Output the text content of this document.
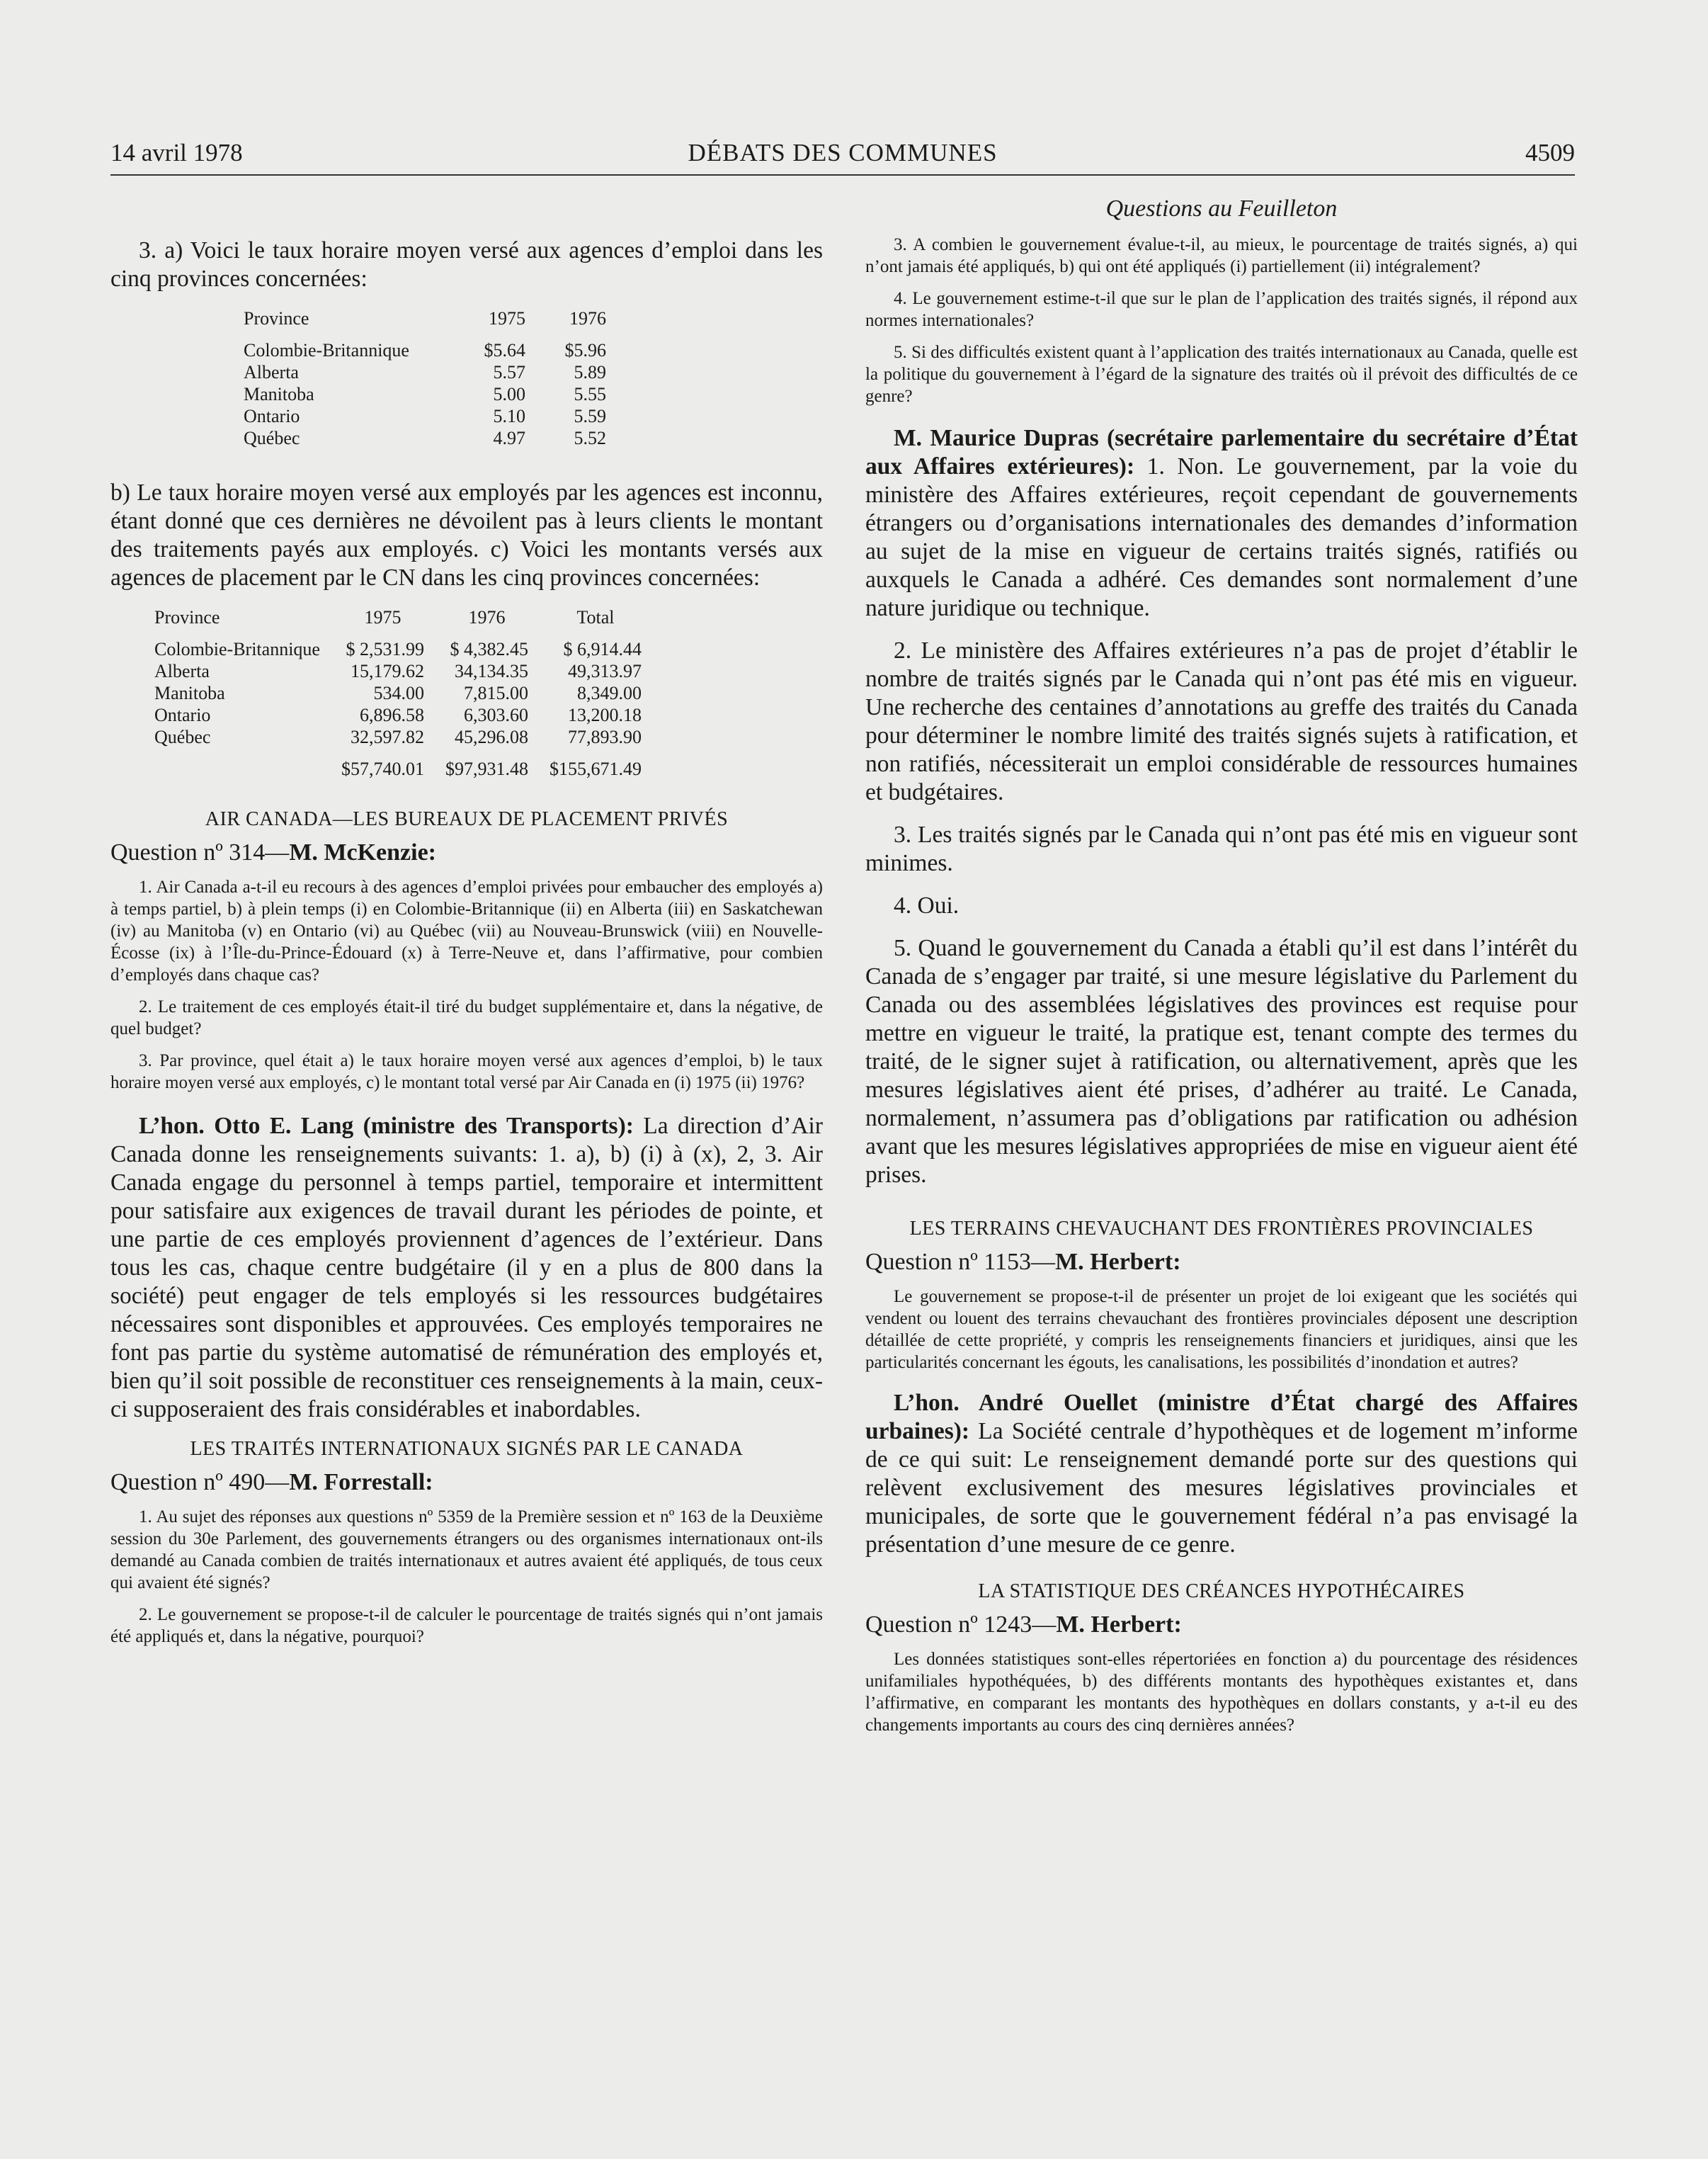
DÉBATS DES COMMUNES
14 avril 1978	4509

3. a) Voici le taux horaire moyen versé aux agences d’emploi dans les cinq provinces concernées:

Province	1975	1976
Colombie-Britannique	$5.64	$5.96
Alberta	5.57	5.89
Manitoba	5.00	5.55
Ontario	5.10	5.59
Québec	4.97	5.52

b) Le taux horaire moyen versé aux employés par les agences est inconnu, étant donné que ces dernières ne dévoilent pas à leurs clients le montant des traitements payés aux employés. c) Voici les montants versés aux agences de placement par le CN dans les cinq provinces concernées:

Province	1975	1976	Total
Colombie-Britannique	$ 2,531.99	$ 4,382.45	$ 6,914.44
Alberta	15,179.62	34,134.35	49,313.97
Manitoba	534.00	7,815.00	8,349.00
Ontario	6,896.58	6,303.60	13,200.18
Québec	32,597.82	45,296.08	77,893.90
	$57,740.01	$97,931.48	$155,671.49
AIR CANADA—LES BUREAUX DE PLACEMENT PRIVÉS
Question nº 314—M. McKenzie:

1. Air Canada a-t-il eu recours à des agences d’emploi privées pour embaucher des employés a) à temps partiel, b) à plein temps (i) en Colombie-Britannique (ii) en Alberta (iii) en Saskatchewan (iv) au Manitoba (v) en Ontario (vi) au Québec (vii) au Nouveau-Brunswick (viii) en Nouvelle-Écosse (ix) à l’Île-du-Prince-Édouard (x) à Terre-Neuve et, dans l’affirmative, pour combien d’employés dans chaque cas?

2. Le traitement de ces employés était-il tiré du budget supplémentaire et, dans la négative, de quel budget?

3. Par province, quel était a) le taux horaire moyen versé aux agences d’emploi, b) le taux horaire moyen versé aux employés, c) le montant total versé par Air Canada en (i) 1975 (ii) 1976?

L’hon. Otto E. Lang (ministre des Transports): La direction d’Air Canada donne les renseignements suivants: 1. a), b) (i) à (x), 2, 3. Air Canada engage du personnel à temps partiel, temporaire et intermittent pour satisfaire aux exigences de travail durant les périodes de pointe, et une partie de ces employés proviennent d’agences de l’extérieur. Dans tous les cas, chaque centre budgétaire (il y en a plus de 800 dans la société) peut engager de tels employés si les ressources budgétaires nécessaires sont disponibles et approuvées. Ces employés temporaires ne font pas partie du système automatisé de rémunération des employés et, bien qu’il soit possible de reconstituer ces renseignements à la main, ceux-ci supposeraient des frais considérables et inabordables.

LES TRAITÉS INTERNATIONAUX SIGNÉS PAR LE CANADA
Question nº 490—M. Forrestall:

1. Au sujet des réponses aux questions nº 5359 de la Première session et nº 163 de la Deuxième session du 30e Parlement, des gouvernements étrangers ou des organismes internationaux ont-ils demandé au Canada combien de traités internationaux et autres avaient été appliqués, de tous ceux qui avaient été signés?

2. Le gouvernement se propose-t-il de calculer le pourcentage de traités signés qui n’ont jamais été appliqués et, dans la négative, pourquoi?

Questions au Feuilleton

3. A combien le gouvernement évalue-t-il, au mieux, le pourcentage de traités signés, a) qui n’ont jamais été appliqués, b) qui ont été appliqués (i) partiellement (ii) intégralement?

4. Le gouvernement estime-t-il que sur le plan de l’application des traités signés, il répond aux normes internationales?

5. Si des difficultés existent quant à l’application des traités internationaux au Canada, quelle est la politique du gouvernement à l’égard de la signature des traités où il prévoit des difficultés de ce genre?

M. Maurice Dupras (secrétaire parlementaire du secrétaire d’État aux Affaires extérieures): 1. Non. Le gouvernement, par la voie du ministère des Affaires extérieures, reçoit cependant de gouvernements étrangers ou d’organisations internationales des demandes d’information au sujet de la mise en vigueur de certains traités signés, ratifiés ou auxquels le Canada a adhéré. Ces demandes sont normalement d’une nature juridique ou technique.

2. Le ministère des Affaires extérieures n’a pas de projet d’établir le nombre de traités signés par le Canada qui n’ont pas été mis en vigueur. Une recherche des centaines d’annotations au greffe des traités du Canada pour déterminer le nombre limité des traités signés sujets à ratification, et non ratifiés, nécessiterait un emploi considérable de ressources humaines et budgétaires.

3. Les traités signés par le Canada qui n’ont pas été mis en vigueur sont minimes.

4. Oui.

5. Quand le gouvernement du Canada a établi qu’il est dans l’intérêt du Canada de s’engager par traité, si une mesure législative du Parlement du Canada ou des assemblées législatives des provinces est requise pour mettre en vigueur le traité, la pratique est, tenant compte des termes du traité, de le signer sujet à ratification, ou alternativement, après que les mesures législatives aient été prises, d’adhérer au traité. Le Canada, normalement, n’assumera pas d’obligations par ratification ou adhésion avant que les mesures législatives appropriées de mise en vigueur aient été prises.

LES TERRAINS CHEVAUCHANT DES FRONTIÈRES PROVINCIALES
Question nº 1153—M. Herbert:

Le gouvernement se propose-t-il de présenter un projet de loi exigeant que les sociétés qui vendent ou louent des terrains chevauchant des frontières provinciales déposent une description détaillée de cette propriété, y compris les renseignements financiers et juridiques, ainsi que les particularités concernant les égouts, les canalisations, les possibilités d’inondation et autres?

L’hon. André Ouellet (ministre d’État chargé des Affaires urbaines): La Société centrale d’hypothèques et de logement m’informe de ce qui suit: Le renseignement demandé porte sur des questions qui relèvent exclusivement des mesures législatives provinciales et municipales, de sorte que le gouvernement fédéral n’a pas envisagé la présentation d’une mesure de ce genre.

LA STATISTIQUE DES CRÉANCES HYPOTHÉCAIRES
Question nº 1243—M. Herbert:

Les données statistiques sont-elles répertoriées en fonction a) du pourcentage des résidences unifamiliales hypothéquées, b) des différents montants des hypothèques existantes et, dans l’affirmative, en comparant les montants des hypothèques en dollars constants, y a-t-il eu des changements importants au cours des cinq dernières années?
